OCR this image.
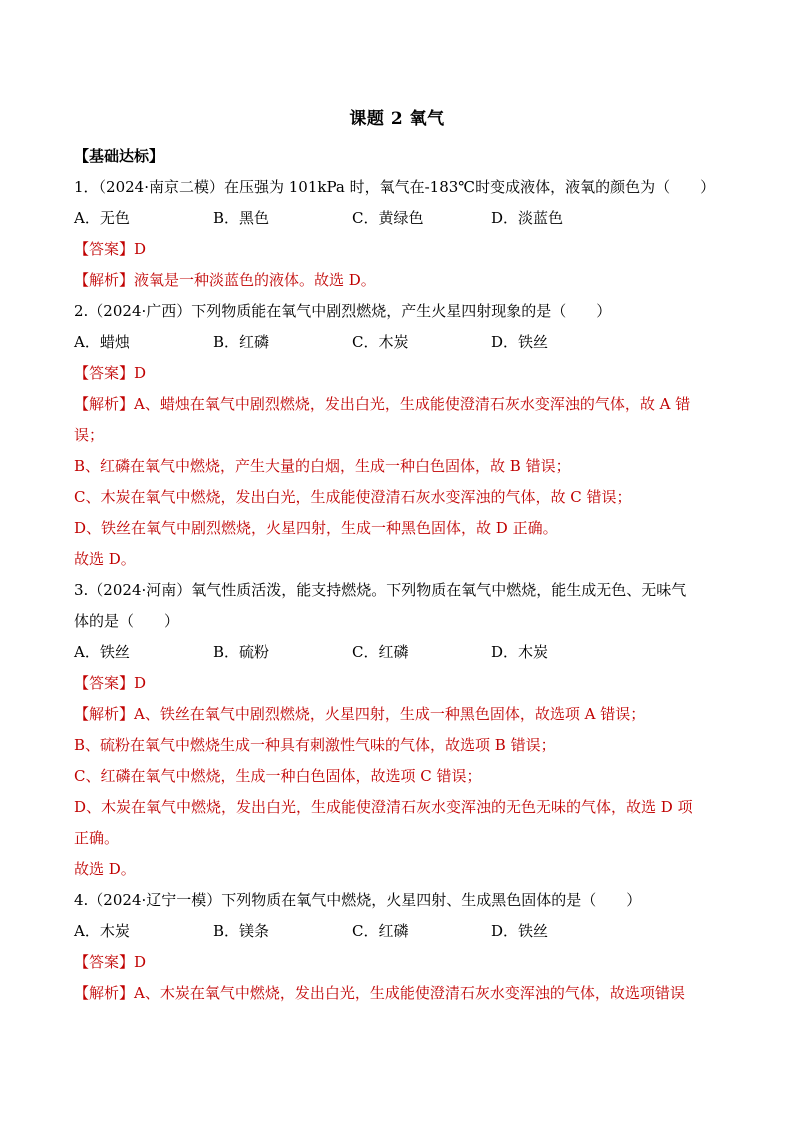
课题 2 氧气
【基础达标】
1．（2024·南京二模）在压强为 101kPa 时，氧气在-183℃时变成液体，液氧的颜色为（　　）
A．无色	B．黑色	C．黄绿色	D．淡蓝色
【答案】D
【解析】液氧是一种淡蓝色的液体。故选 D。
2.（2024·广西）下列物质能在氧气中剧烈燃烧，产生火星四射现象的是（　　）
A．蜡烛	B．红磷	C．木炭	D．铁丝
【答案】D
【解析】A、蜡烛在氧气中剧烈燃烧，发出白光，生成能使澄清石灰水变浑浊的气体，故 A 错
误；
B、红磷在氧气中燃烧，产生大量的白烟，生成一种白色固体，故 B 错误；
C、木炭在氧气中燃烧，发出白光，生成能使澄清石灰水变浑浊的气体，故 C 错误；
D、铁丝在氧气中剧烈燃烧，火星四射，生成一种黑色固体，故 D 正确。
故选 D。
3.（2024·河南）氧气性质活泼，能支持燃烧。下列物质在氧气中燃烧，能生成无色、无味气
体的是（　　）
A．铁丝	B．硫粉	C．红磷	D．木炭
【答案】D
【解析】A、铁丝在氧气中剧烈燃烧，火星四射，生成一种黑色固体，故选项 A 错误；
B、硫粉在氧气中燃烧生成一种具有刺激性气味的气体，故选项 B 错误；
C、红磷在氧气中燃烧，生成一种白色固体，故选项 C 错误；
D、木炭在氧气中燃烧，发出白光，生成能使澄清石灰水变浑浊的无色无味的气体，故选 D 项
正确。
故选 D。
4.（2024·辽宁一模）下列物质在氧气中燃烧，火星四射、生成黑色固体的是（　　）
A．木炭	B．镁条	C．红磷	D．铁丝
【答案】D
【解析】A、木炭在氧气中燃烧，发出白光，生成能使澄清石灰水变浑浊的气体，故选项错误
